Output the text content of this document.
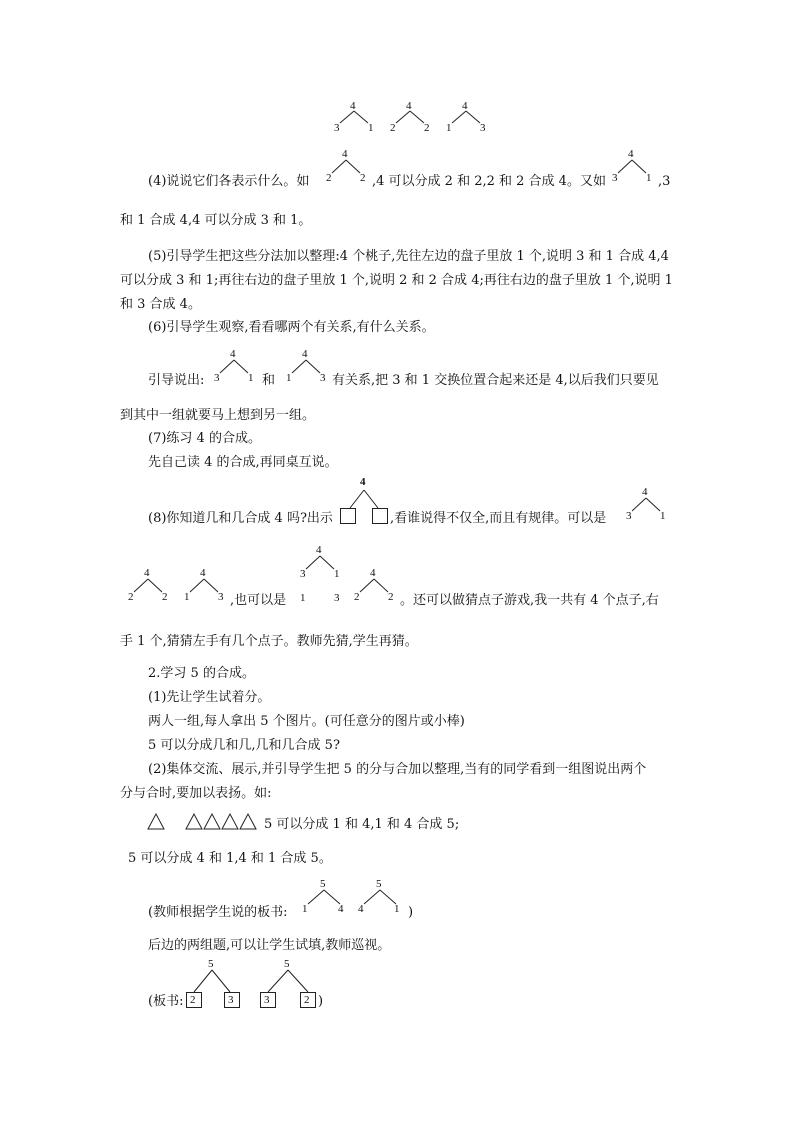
4
3	1
4
2	2
4
1	3
(4)说说它们各表示什么。如
4
2	2 ,4 可以分成 2 和 2,2 和 2 合成 4。又如
4
3	1 ,3
和 1 合成 4,4 可以分成 3 和 1。
(5)引导学生把这些分法加以整理:4 个桃子,先往左边的盘子里放 1 个,说明 3 和 1 合成 4,4
可以分成 3 和 1;再往右边的盘子里放 1 个,说明 2 和 2 合成 4;再往右边的盘子里放 1 个,说明 1
和 3 合成 4。
(6)引导学生观察,看看哪两个有关系,有什么关系。
引导说出:
4
3	1 和
4
1	3 有关系,把 3 和 1 交换位置合起来还是 4,以后我们只要见
到其中一组就要马上想到另一组。
(7)练习 4 的合成。
先自己读 4 的合成,再同桌互说。
(8)你知道几和几合成 4 吗?出示
4
,看谁说得不仅全,而且有规律。可以是
4
3	1
4
2	2
4
1	3 ,也可以是
4
3	1
1	3
4
2	2 。还可以做猜点子游戏,我一共有 4 个点子,右
手 1 个,猜猜左手有几个点子。教师先猜,学生再猜。
2.学习 5 的合成。
(1)先让学生试着分。
两人一组,每人拿出 5 个图片。(可任意分的图片或小棒)
5 可以分成几和几,几和几合成 5?
(2)集体交流、展示,并引导学生把 5 的分与合加以整理,当有的同学看到一组图说出两个
分与合时,要加以表扬。如:
5 可以分成 1 和 4,1 和 4 合成 5;
5 可以分成 4 和 1,4 和 1 合成 5。
(教师根据学生说的板书:
5
1	4
5
4	1 )
后边的两组题,可以让学生试填,教师巡视。
(板书:
5
2	3
5
3	2 )
